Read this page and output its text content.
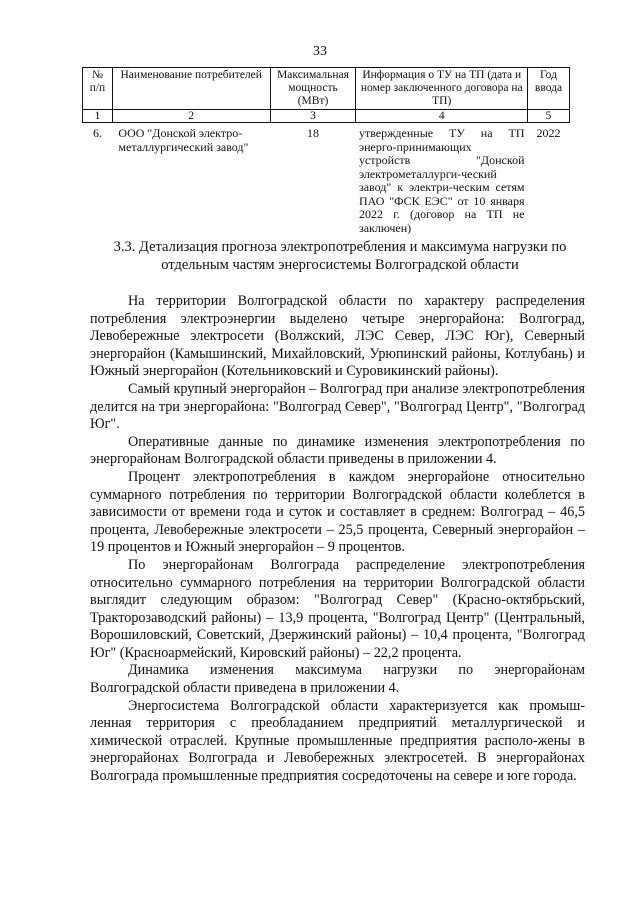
33
№ п/п	Наименование потребителей	Максимальная мощность (МВт)	Информация о ТУ на ТП (дата и номер заключенного договора на ТП)	Год ввода
1	2	3	4	5
6.	ООО "Донской электро-металлургический завод"	18	утвержденные ТУ на ТП энерго-принимающих устройств "Донской электрометаллурги-ческий завод" к электри-ческим сетям ПАО "ФСК ЕЭС" от 10 января 2022 г. (договор на ТП не заключен)	2022
3.3. Детализация прогноза электропотребления и максимума нагрузки по отдельным частям энергосистемы Волгоградской области

На территории Волгоградской области по характеру распределения потребления электроэнергии выделено четыре энергорайона: Волгоград, Левобережные электросети (Волжский, ЛЭС Север, ЛЭС Юг), Северный энергорайон (Камышинский, Михайловский, Урюпинский районы, Котлубань) и Южный энергорайон (Котельниковский и Суровикинский районы).

Самый крупный энергорайон – Волгоград при анализе электропотребления делится на три энергорайона: "Волгоград Север", "Волгоград Центр", "Волгоград Юг".

Оперативные данные по динамике изменения электропотребления по энергорайонам Волгоградской области приведены в приложении 4.

Процент электропотребления в каждом энергорайоне относительно суммарного потребления по территории Волгоградской области колеблется в зависимости от времени года и суток и составляет в среднем: Волгоград – 46,5 процента, Левобережные электросети – 25,5 процента, Северный энергорайон – 19 процентов и Южный энергорайон – 9 процентов.

По энергорайонам Волгограда распределение электропотребления относительно суммарного потребления на территории Волгоградской области выглядит следующим образом: "Волгоград Север" (Красно-октябрьский, Тракторозаводский районы) – 13,9 процента, "Волгоград Центр" (Центральный, Ворошиловский, Советский, Дзержинский районы) – 10,4 процента, "Волгоград Юг" (Красноармейский, Кировский районы) – 22,2 процента.

Динамика изменения максимума нагрузки по энергорайонам Волгоградской области приведена в приложении 4.

Энергосистема Волгоградской области характеризуется как промыш-ленная территория с преобладанием предприятий металлургической и химической отраслей. Крупные промышленные предприятия располо-жены в энергорайонах Волгограда и Левобережных электросетей. В энергорайонах Волгограда промышленные предприятия сосредоточены на севере и юге города.
